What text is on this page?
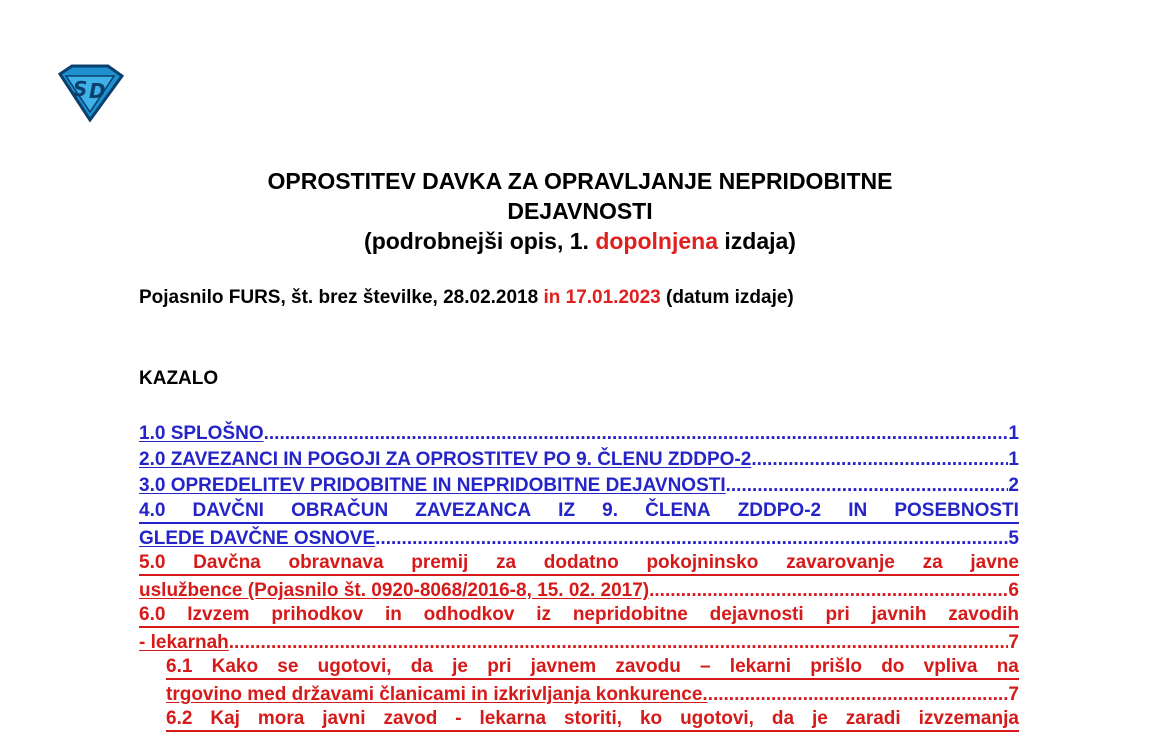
S D
OPROSTITEV DAVKA ZA OPRAVLJANJE NEPRIDOBITNE
DEJAVNOSTI
(podrobnejši opis, 1. dopolnjena izdaja)
Pojasnilo FURS, št. brez številke, 28.02.2018 in 17.01.2023 (datum izdaje)
KAZALO
1.0 SPLOŠNO .....	1
2.0 ZAVEZANCI IN POGOJI ZA OPROSTITEV PO 9. ČLENU ZDDPO-2 .....	1
3.0 OPREDELITEV PRIDOBITNE IN NEPRIDOBITNE DEJAVNOSTI .....	2
4.0 DAVČNI OBRAČUN ZAVEZANCA IZ 9. ČLENA ZDDPO-2 IN POSEBNOSTI
GLEDE DAVČNE OSNOVE .....	5
5.0 Davčna obravnava premij za dodatno pokojninsko zavarovanje za javne
uslužbence (Pojasnilo št. 0920-8068/2016-8, 15. 02. 2017) .....	6
6.0 Izvzem prihodkov in odhodkov iz nepridobitne dejavnosti pri javnih zavodih
- lekarnah .....	7
6.1 Kako se ugotovi, da je pri javnem zavodu – lekarni prišlo do vpliva na
trgovino med državami članicami in izkrivljanja konkurence. .....	7
6.2 Kaj mora javni zavod - lekarna storiti, ko ugotovi, da je zaradi izvzemanja
